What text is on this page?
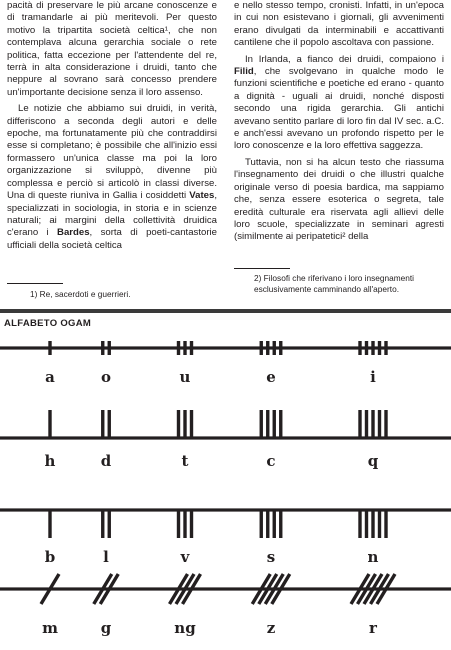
pacità di preservare le più arcane conoscenze e di tramandarle ai più meritevoli. Per questo motivo la tripartita società celtica¹, che non contemplava alcuna gerarchia sociale o rete politica, fatta eccezione per l'attendente del re, terrà in alta considerazione i druidi, tanto che neppure al sovrano sarà concesso prendere un'importante decisione senza il loro assenso.

Le notizie che abbiamo sui druidi, in verità, differiscono a seconda degli autori e delle epoche, ma fortunatamente più che contraddirsi esse si completano; è possibile che all'inizio essi formassero un'unica classe ma poi la loro organizzazione si sviluppò, divenne più complessa e perciò si articolò in classi diverse. Una di queste riunìva in Gallia i cosiddetti Vates, specializzati in sociologia, in storia e in scienze naturali; ai margini della collettività druidica c'erano i Bardes, sorta di poeti-cantastorie ufficiali della società celtica

1) Re, sacerdoti e guerrieri.

e nello stesso tempo, cronisti. Infatti, in un'epoca in cui non esistevano i giornali, gli avvenimenti erano divulgati da interminabili e accattivanti cantilene che il popolo ascoltava con passione.

In Irlanda, a fianco dei druidi, compaiono i Filid, che svolgevano in qualche modo le funzioni scientifiche e poetiche ed erano - quanto a dignità - uguali ai druidi, nonché disposti secondo una rigida gerarchia. Gli antichi avevano sentito parlare di loro fin dal IV sec. a.C. e anch'essi avevano un profondo rispetto per le loro conoscenze e la loro effettiva saggezza.

Tuttavia, non si ha alcun testo che riassuma l'insegnamento dei druidi o che illustri qualche originale verso di poesia bardica, ma sappiamo che, senza essere esoterica o segreta, tale eredità culturale era riservata agli allievi delle loro scuole, specializzate in seminari agresti (similmente ai peripatetici² della

2) Filosofi che riferivano i loro insegnamenti esclusivamente camminando all'aperto.
ALFABETO OGAM
a	o	u	e	i
h	d	t	c	q
b	l	v	s	n
m	g	ng	z	r
